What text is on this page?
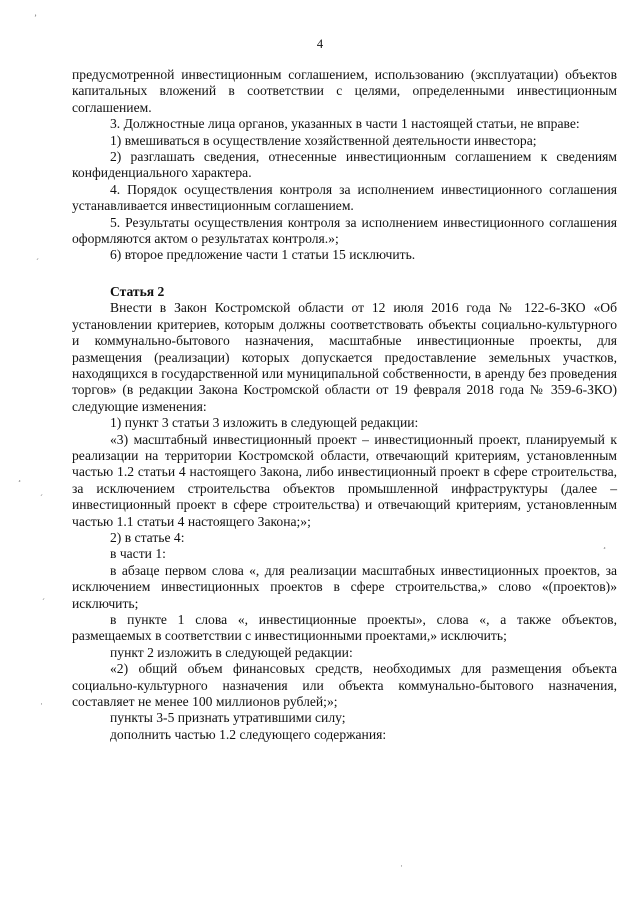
’
´
¸
´
´
·
¸
·
4

предусмотренной инвестиционным соглашением, использованию (эксплуатации) объектов капитальных вложений в соответствии с целями, определенными инвестиционным соглашением.

3. Должностные лица органов, указанных в части 1 настоящей статьи, не вправе:

1) вмешиваться в осуществление хозяйственной деятельности инвестора;

2) разглашать сведения, отнесенные инвестиционным соглашением к сведениям конфиденциального характера.

4. Порядок осуществления контроля за исполнением инвестиционного соглашения устанавливается инвестиционным соглашением.

5. Результаты осуществления контроля за исполнением инвестиционного соглашения оформляются актом о результатах контроля.»;

6) второе предложение части 1 статьи 15 исключить.

Статья 2

Внести в Закон Костромской области от 12 июля 2016 года № 122-6-ЗКО «Об установлении критериев, которым должны соответствовать объекты социально-культурного и коммунально-бытового назначения, масштабные инвестиционные проекты, для размещения (реализации) которых допускается предоставление земельных участков, находящихся в государственной или муниципальной собственности, в аренду без проведения торгов» (в редакции Закона Костромской области от 19 февраля 2018 года № 359-6-ЗКО) следующие изменения:

1) пункт 3 статьи 3 изложить в следующей редакции:

«3) масштабный инвестиционный проект – инвестиционный проект, планируемый к реализации на территории Костромской области, отвечающий критериям, установленным частью 1.2 статьи 4 настоящего Закона, либо инвестиционный проект в сфере строительства, за исключением строительства объектов промышленной инфраструктуры (далее – инвестиционный проект в сфере строительства) и отвечающий критериям, установленным частью 1.1 статьи 4 настоящего Закона;»;

2) в статье 4:

в части 1:

в абзаце первом слова «, для реализации масштабных инвестиционных проектов, за исключением инвестиционных проектов в сфере строительства,» слово «(проектов)» исключить;

в пункте 1 слова «, инвестиционные проекты», слова «, а также объектов, размещаемых в соответствии с инвестиционными проектами,» исключить;

пункт 2 изложить в следующей редакции:

«2) общий объем финансовых средств, необходимых для размещения объекта социально-культурного назначения или объекта коммунально-бытового назначения, составляет не менее 100 миллионов рублей;»;

пункты 3-5 признать утратившими силу;

дополнить частью 1.2 следующего содержания:
